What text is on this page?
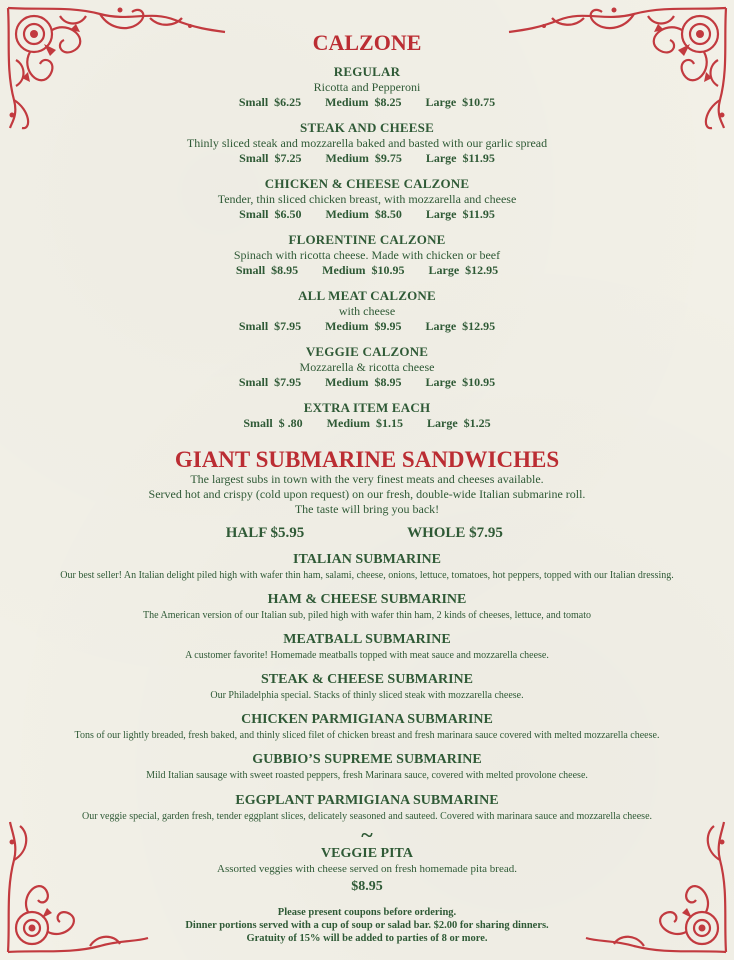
CALZONE
REGULAR
Ricotta and Pepperoni
Small  $6.25 Medium  $8.25 Large  $10.75
STEAK AND CHEESE
Thinly sliced steak and mozzarella baked and basted with our garlic spread
Small  $7.25 Medium  $9.75 Large  $11.95
CHICKEN & CHEESE CALZONE
Tender, thin sliced chicken breast, with mozzarella and cheese
Small  $6.50 Medium  $8.50 Large  $11.95
FLORENTINE CALZONE
Spinach with ricotta cheese. Made with chicken or beef
Small  $8.95 Medium  $10.95 Large  $12.95
ALL MEAT CALZONE
with cheese
Small  $7.95 Medium  $9.95 Large  $12.95
VEGGIE CALZONE
Mozzarella & ricotta cheese
Small  $7.95 Medium  $8.95 Large  $10.95
EXTRA ITEM EACH
Small  $ .80 Medium  $1.15 Large  $1.25
GIANT SUBMARINE SANDWICHES
The largest subs in town with the very finest meats and cheeses available.
Served hot and crispy (cold upon request) on our fresh, double-wide Italian submarine roll.
The taste will bring you back!
HALF $5.95	WHOLE $7.95
ITALIAN SUBMARINE
Our best seller! An Italian delight piled high with wafer thin ham, salami, cheese, onions, lettuce, tomatoes, hot peppers, topped with our Italian dressing.
HAM & CHEESE SUBMARINE
The American version of our Italian sub, piled high with wafer thin ham, 2 kinds of cheeses, lettuce, and tomato
MEATBALL SUBMARINE
A customer favorite! Homemade meatballs topped with meat sauce and mozzarella cheese.
STEAK & CHEESE SUBMARINE
Our Philadelphia special. Stacks of thinly sliced steak with mozzarella cheese.
CHICKEN PARMIGIANA SUBMARINE
Tons of our lightly breaded, fresh baked, and thinly sliced filet of chicken breast and fresh marinara sauce covered with melted mozzarella cheese.
GUBBIO’S SUPREME SUBMARINE
Mild Italian sausage with sweet roasted peppers, fresh Marinara sauce, covered with melted provolone cheese.
EGGPLANT PARMIGIANA SUBMARINE
Our veggie special, garden fresh, tender eggplant slices, delicately seasoned and sauteed. Covered with marinara sauce and mozzarella cheese.
~
VEGGIE PITA
Assorted veggies with cheese served on fresh homemade pita bread.
$8.95
Please present coupons before ordering.
Dinner portions served with a cup of soup or salad bar. $2.00 for sharing dinners.
Gratuity of 15% will be added to parties of 8 or more.
